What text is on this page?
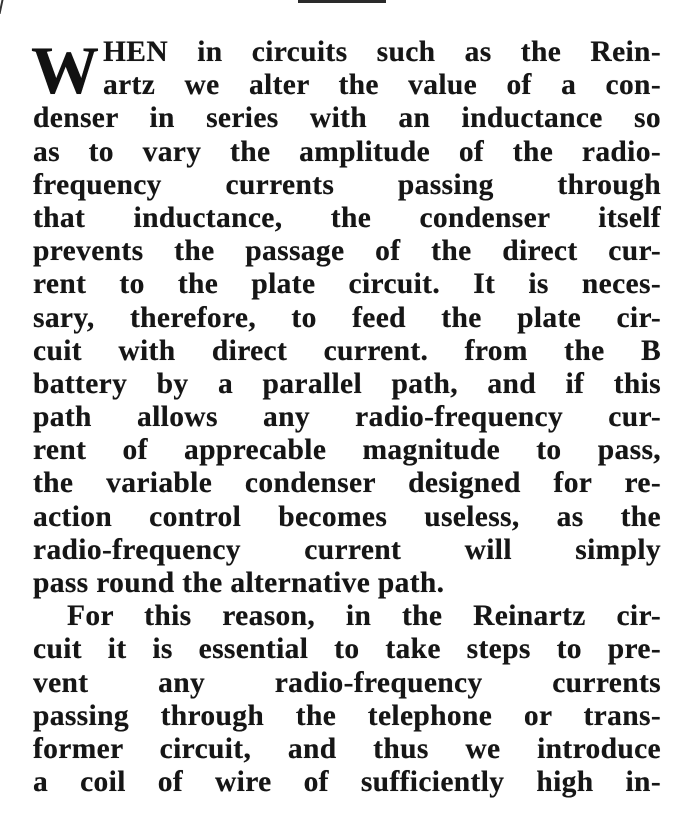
W HEN in circuits such as the Rein-
artz we alter the value of a con-
denser in series with an inductance so
as to vary the amplitude of the radio-
frequency currents passing through
that inductance, the condenser itself
prevents the passage of the direct cur-
rent to the plate circuit. It is neces-
sary, therefore, to feed the plate cir-
cuit with direct current. from the B
battery by a parallel path, and if this
path allows any radio-frequency cur-
rent of apprecable magnitude to pass,
the variable condenser designed for re-
action control becomes useless, as the
radio-frequency current will simply
pass round the alternative path.
For this reason, in the Reinartz cir-
cuit it is essential to take steps to pre-
vent any radio-frequency currents
passing through the telephone or trans-
former circuit, and thus we introduce
a coil of wire of sufficiently high in-
